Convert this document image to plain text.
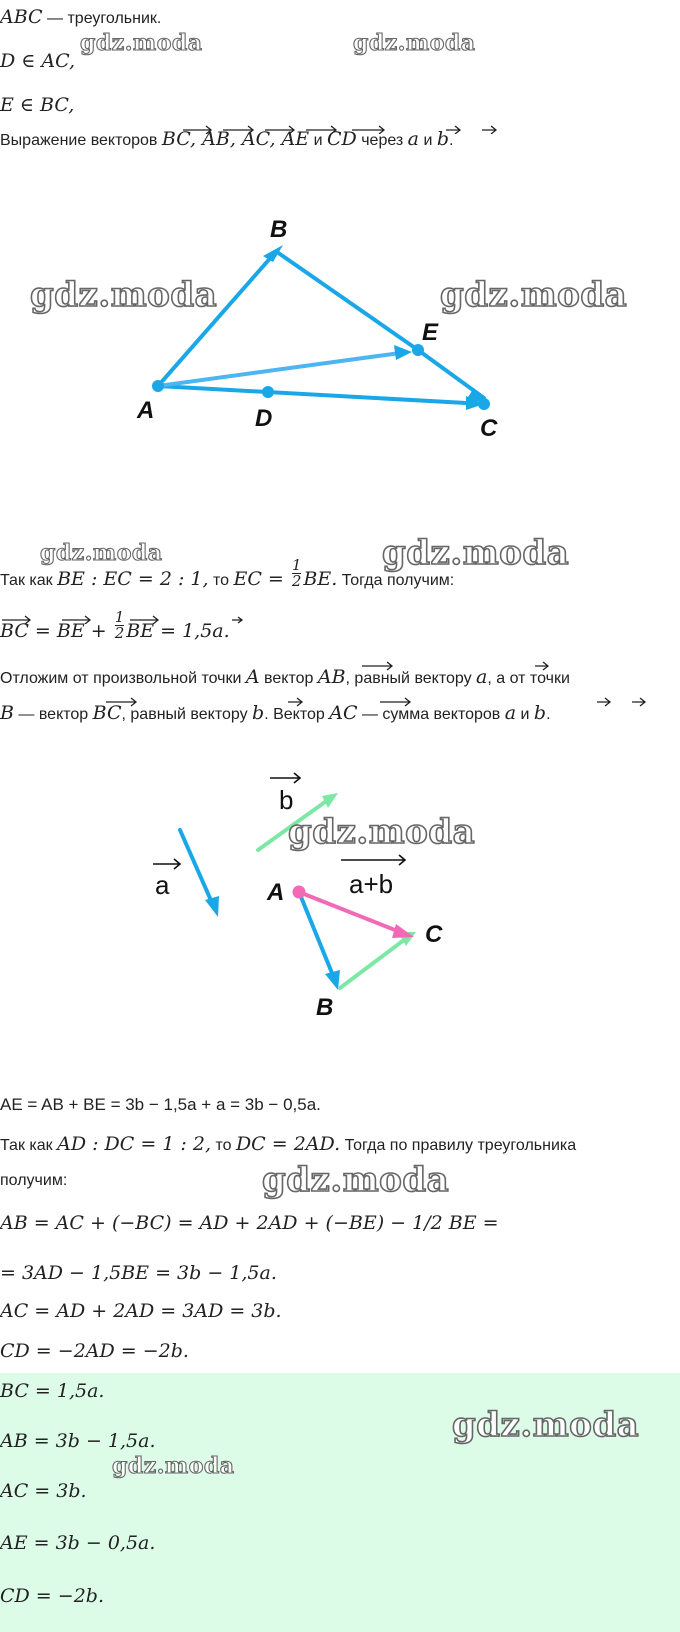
ABC — треугольник.
D ∈ AC,
E ∈ BC,
Выражение векторов BC, AB, AC, AE и CD через a и b.
B
E
A	D	C
Так как BE : EC = 2 : 1, то EC = $\frac{1}{2}$ BE. Тогда получим:
BC = BE + $\frac{1}{2}$ BE = 1,5a.
Отложим от произвольной точки A вектор AB, равный вектору a, а от точки
B — вектор BC, равный вектору b. Вектор AC — сумма векторов a и b.
a
b
a+b
A
C
B
AE = AB + BE = 3b − 1,5a + a = 3b − 0,5a.
Так как AD : DC = 1 : 2, то DC = 2AD. Тогда по правилу треугольника
получим:
AB = AC + (−BC) = AD + 2AD + (−BE) − 1/2 BE =
= 3AD − 1,5BE = 3b − 1,5a.
AC = AD + 2AD = 3AD = 3b.
CD = −2AD = −2b.
BC = 1,5a.
AB = 3b − 1,5a.
AC = 3b.
AE = 3b − 0,5a.
CD = −2b.
gdz.moda	gdz.moda
gdz.moda	gdz.moda
gdz.moda	gdz.moda
gdz.moda
gdz.moda
gdz.moda
gdz.moda
